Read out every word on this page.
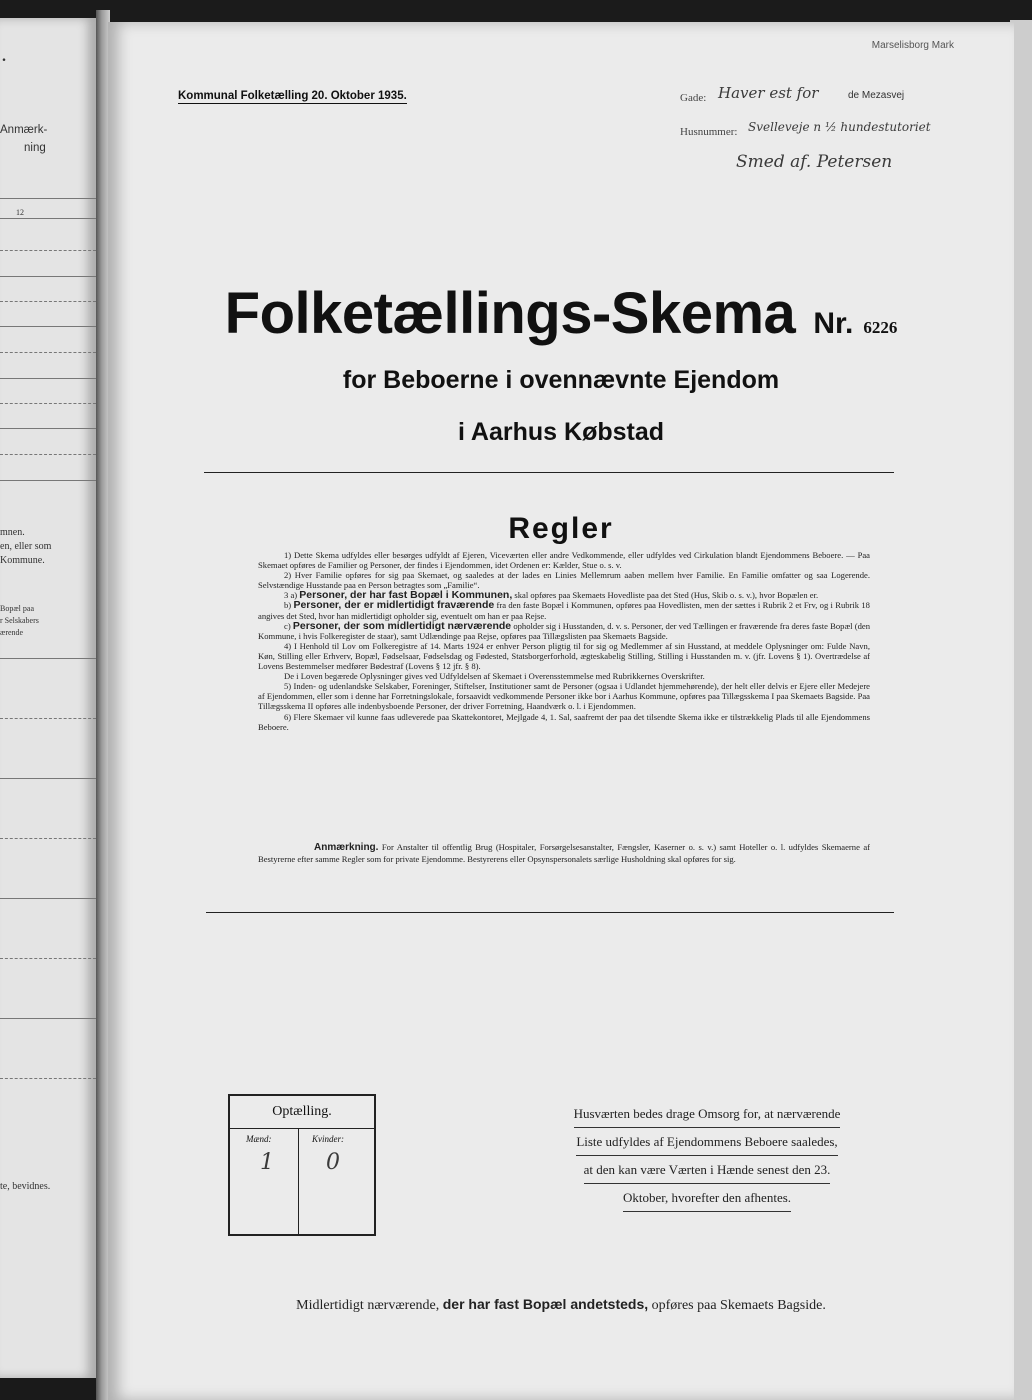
.
Anmærk-
ning
12
mnen.
en, eller som
Kommune.
Bopæl paa
r Selskabers
ærende
te, bevidnes.
Marselisborg Mark
Kommunal Folketælling 20. Oktober 1935.	Gade: Haver est for	de Mezasvej
Husnummer: Svelleveje n ½ hundestutoriet
Smed af. Petersen
Folketællings-Skema Nr. 6226
for Beboerne i ovennævnte Ejendom
i Aarhus Købstad
Regler

1) Dette Skema udfyldes eller besørges udfyldt af Ejeren, Viceværten eller andre Vedkommende, eller udfyldes ved Cirkulation blandt Ejendommens Beboere. — Paa Skemaet opføres de Familier og Personer, der findes i Ejendommen, idet Ordenen er: Kælder, Stue o. s. v.

2) Hver Familie opføres for sig paa Skemaet, og saaledes at der lades en Linies Mellemrum aaben mellem hver Familie. En Familie omfatter og saa Logerende. Selvstændige Husstande paa en Person betragtes som „Familie“.

3 a) Personer, der har fast Bopæl i Kommunen, skal opføres paa Skemaets Hovedliste paa det Sted (Hus, Skib o. s. v.), hvor Bopælen er.

b) Personer, der er midlertidigt fraværende fra den faste Bopæl i Kommunen, opføres paa Hovedlisten, men der sættes i Rubrik 2 et Frv, og i Rubrik 18 angives det Sted, hvor han midlertidigt opholder sig, eventuelt om han er paa Rejse.

c) Personer, der som midlertidigt nærværende opholder sig i Husstanden, d. v. s. Personer, der ved Tællingen er fraværende fra deres faste Bopæl (den Kommune, i hvis Folkeregister de staar), samt Udlændinge paa Rejse, opføres paa Tillægslisten paa Skemaets Bagside.

4) I Henhold til Lov om Folkeregistre af 14. Marts 1924 er enhver Person pligtig til for sig og Medlemmer af sin Husstand, at meddele Oplysninger om: Fulde Navn, Køn, Stilling eller Erhverv, Bopæl, Fødselsaar, Fødselsdag og Fødested, Statsborgerforhold, ægteskabelig Stilling, Stilling i Husstanden m. v. (jfr. Lovens § 1). Overtrædelse af Lovens Bestemmelser medfører Bødestraf (Lovens § 12 jfr. § 8).

De i Loven begærede Oplysninger gives ved Udfyldelsen af Skemaet i Overensstemmelse med Rubrikkernes Overskrifter.

5) Inden- og udenlandske Selskaber, Foreninger, Stiftelser, Institutioner samt de Personer (ogsaa i Udlandet hjemmehørende), der helt eller delvis er Ejere eller Medejere af Ejendommen, eller som i denne har Forretningslokale, forsaavidt vedkommende Personer ikke bor i Aarhus Kommune, opføres paa Tillægsskema I paa Skemaets Bagside. Paa Tillægsskema II opføres alle indenbysboende Personer, der driver Forretning, Haandværk o. l. i Ejendommen.

6) Flere Skemaer vil kunne faas udleverede paa Skattekontoret, Mejlgade 4, 1. Sal, saafremt der paa det tilsendte Skema ikke er tilstrækkelig Plads til alle Ejendommens Beboere.

Anmærkning. For Anstalter til offentlig Brug (Hospitaler, Forsørgelsesanstalter, Fængsler, Kaserner o. s. v.) samt Hoteller o. l. udfyldes Skemaerne af Bestyrerne efter samme Regler som for private Ejendomme. Bestyrerens eller Opsynspersonalets særlige Husholdning skal opføres for sig.
Optælling.
Mænd:	Kvinder:
1 0
Husværten bedes drage Omsorg for, at nærværende
Liste udfyldes af Ejendommens Beboere saaledes,
at den kan være Værten i Hænde senest den 23.
Oktober, hvorefter den afhentes.
Midlertidigt nærværende, der har fast Bopæl andetsteds, opføres paa Skemaets Bagside.
